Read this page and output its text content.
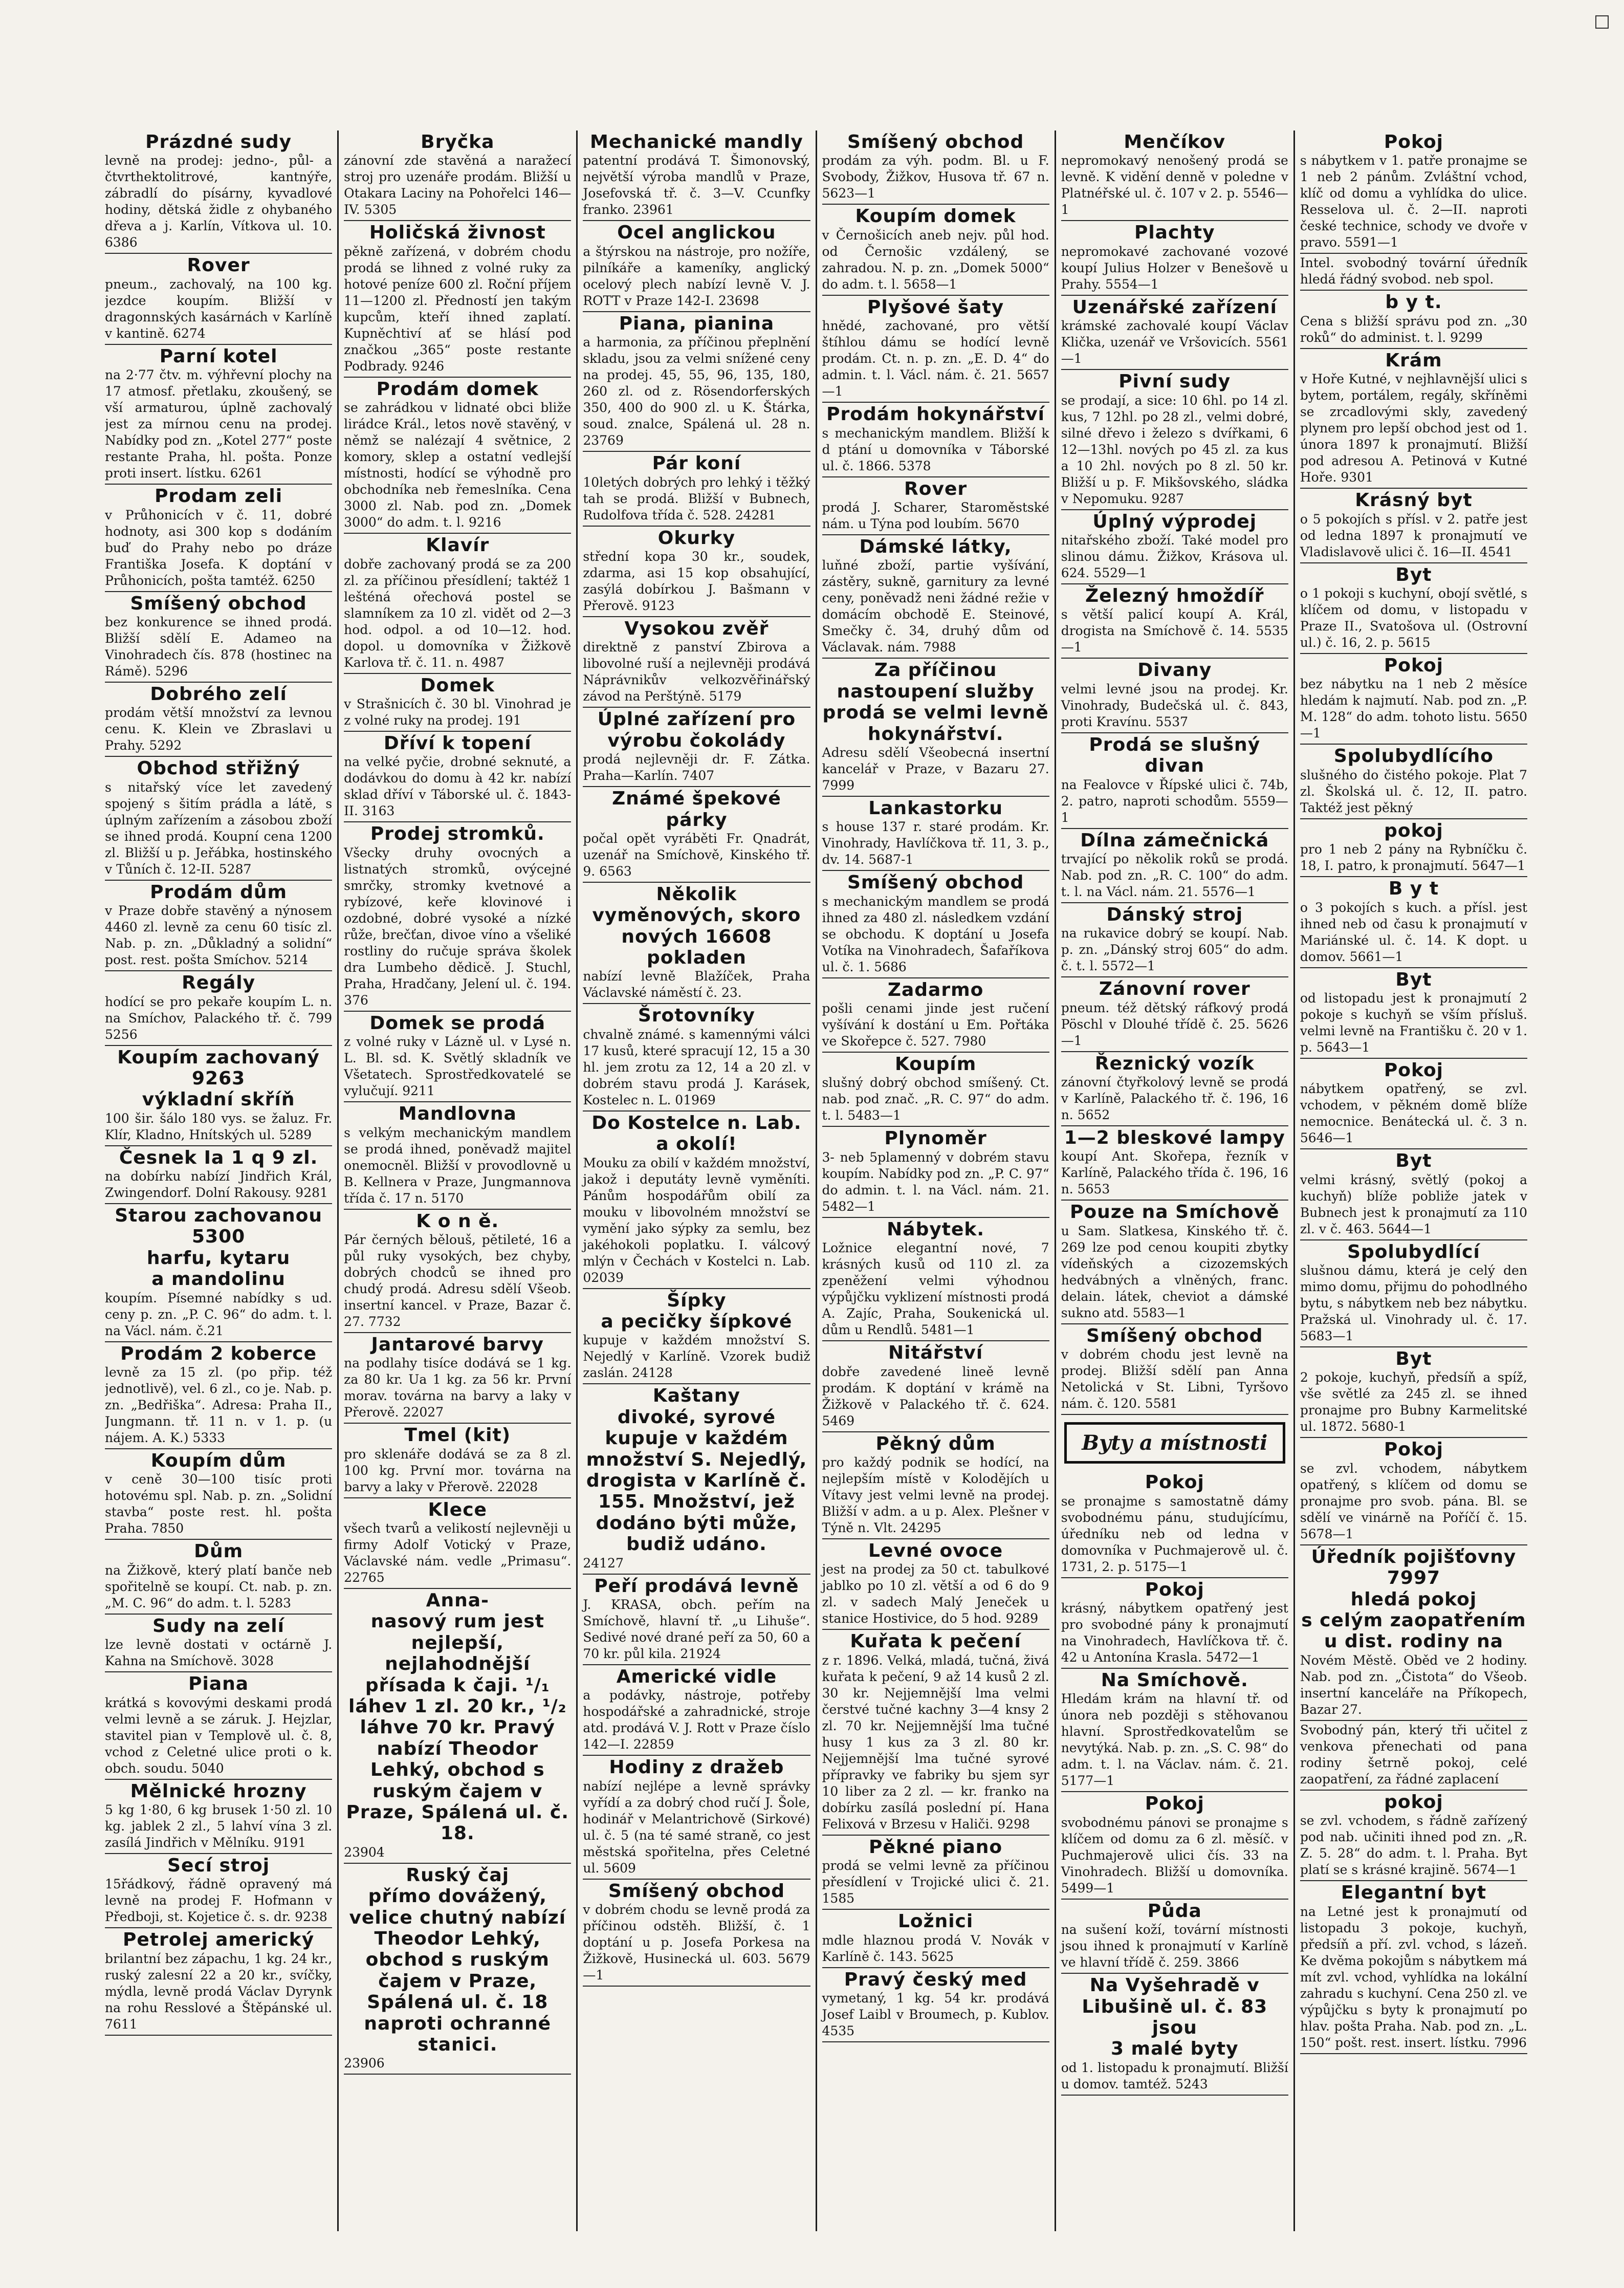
Prázdné sudy
levně na prodej: jedno-, půl- a čtvrthektolitrové, kantnýře, zábradlí do písárny, kyvadlové hodiny, dětská židle z ohybaného dřeva a j. Karlín, Vítkova ul. 10. 6386
Rover
pneum., zachovalý, na 100 kg. jezdce koupím. Bližší v dragonnských kasárnách v Karlíně v kantině. 6274
Parní kotel
na 2·77 čtv. m. výhřevní plochy na 17 atmosf. přetlaku, zkoušený, se vší armaturou, úplně zachovalý jest za mírnou cenu na prodej. Nabídky pod zn. „Kotel 277“ poste restante Praha, hl. pošta. Ponze proti insert. lístku. 6261
Prodam zeli
v Průhonicích v č. 11, dobré hodnoty, asi 300 kop s dodáním buď do Prahy nebo po dráze Františka Josefa. K doptání v Průhonicích, pošta tamtéž. 6250
Smíšený obchod
bez konkurence se ihned prodá. Bližší sdělí E. Adameo na Vinohradech čís. 878 (hostinec na Rámě). 5296
Dobrého zelí
prodám větší množství za levnou cenu. K. Klein ve Zbraslavi u Prahy. 5292
Obchod střižný
s nitařský více let zavedený spojený s šitím prádla a látě, s úplným zařízením a zásobou zboží se ihned prodá. Koupní cena 1200 zl. Bližší u p. Jeřábka, hostinského v Tůních č. 12-II. 5287
Prodám dům
v Praze dobře stavěný a nýnosem 4460 zl. levně za cenu 60 tisíc zl. Nab. p. zn. „Důkladný a solidní“ post. rest. pošta Smíchov. 5214
Regály
hodící se pro pekaře koupím L. n. na Smíchov, Palackého tř. č. 799 5256
Koupím zachovaný 9263
výkladní skříň
100 šir. šálo 180 vys. se žaluz. Fr. Klír, Kladno, Hnítských ul. 5289
Česnek Ia 1 q 9 zl.
na dobírku nabízí Jindřich Král, Zwingendorf. Dolní Rakousy. 9281
Starou zachovanou 5300
harfu, kytaru
a mandolinu
koupím. Písemné nabídky s ud. ceny p. zn. „P. C. 96“ do adm. t. l. na Václ. nám. č.21
Prodám 2 koberce
levně za 15 zl. (po přip. též jednotlivě), vel. 6 zl., co je. Nab. p. zn. „Bedřiška“. Adresa: Praha II., Jungmann. tř. 11 n. v 1. p. (u nájem. A. K.) 5333
Koupím dům
v ceně 30—100 tisíc proti hotovému spl. Nab. p. zn. „Solidní stavba“ poste rest. hl. pošta Praha. 7850
Dům
na Žižkově, který platí banče neb spořitelně se koupí. Ct. nab. p. zn. „M. C. 96“ do adm. t. l. 5283
Sudy na zelí
lze levně dostati v octárně J. Kahna na Smíchově. 3028
Piana
krátká s kovovými deskami prodá velmi levně a se záruk. J. Hejzlar, stavitel pian v Templově ul. č. 8, vchod z Celetné ulice proti o k. obch. soudu. 5040
Mělnické hrozny
5 kg 1·80, 6 kg brusek 1·50 zl. 10 kg. jablek 2 zl., 5 lahví vína 3 zl. zasílá Jindřich v Mělníku. 9191
Secí stroj
15řádkový, řádně opravený má levně na prodej F. Hofmann v Předboji, st. Kojetice č. s. dr. 9238
Petrolej americký
brilantní bez zápachu, 1 kg. 24 kr., ruský zalesní 22 a 20 kr., svíčky, mýdla, levně prodá Václav Dyrynk na rohu Resslové a Štěpánské ul. 7611
Bryčka
zánovní zde stavěná a naražecí stroj pro uzenáře prodám. Bližší u Otakara Laciny na Pohořelci 146—IV. 5305
Holičská živnost
pěkně zařízená, v dobrém chodu prodá se lihned z volné ruky za hotové peníze 600 zl. Roční příjem 11—1200 zl. Předností jen takým kupcům, kteří ihned zaplatí. Kupněchtiví ať se hlásí pod značkou „365“ poste restante Podbrady. 9246
Prodám domek
se zahrádkou v lidnaté obci bliže lirádce Král., letos nově stavěný, v němž se nalézají 4 světnice, 2 komory, sklep a ostatní vedlejší místnosti, hodící se výhodně pro obchodníka neb řemeslníka. Cena 3000 zl. Nab. pod zn. „Domek 3000“ do adm. t. l. 9216
Klavír
dobře zachovaný prodá se za 200 zl. za příčinou přesídlení; taktéž 1 lešténá ořechová postel se slamníkem za 10 zl. vidět od 2—3 hod. odpol. a od 10—12. hod. dopol. u domovníka v Žižkově Karlova tř. č. 11. n. 4987
Domek
v Strašnicích č. 30 bl. Vinohrad je z volné ruky na prodej. 191
Dříví k topení
na velké pyčie, drobné seknuté, a dodávkou do domu à 42 kr. nabízí sklad dříví v Táborské ul. č. 1843-II. 3163
Prodej stromků.
Všecky druhy ovocných a listnatých stromků, ovýcejné smrčky, stromky kvetnové a rybízové, keře klovinové i ozdobné, dobré vysoké a nízké růže, brečťan, divoe víno a všeliké rostliny do ručuje správa školek dra Lumbeho dědicě. J. Stuchl, Praha, Hradčany, Jelení ul. č. 194. 376
Domek se prodá
z volné ruky v Lázně ul. v Lysé n. L. Bl. sd. K. Světlý skladník ve Všetatech. Sprostředkovatelé se vylučují. 9211
Mandlovna
s velkým mechanickým mandlem se prodá ihned, poněvadž majitel onemocněl. Bližší v provodlovně u B. Kellnera v Praze, Jungmannova třída č. 17 n. 5170
K o n ě.
Pár černých bělouš, pětileté, 16 a půl ruky vysokých, bez chyby, dobrých chodců se ihned pro chudý prodá. Adresu sdělí Všeob. insertní kancel. v Praze, Bazar č. 27. 7732
Jantarové barvy
na podlahy tisíce dodává se 1 kg. za 80 kr. Ua 1 kg. za 56 kr. První morav. továrna na barvy a laky v Přerově. 22027
Tmel (kit)
pro sklenáře dodává se za 8 zl. 100 kg. První mor. továrna na barvy a laky v Přerově. 22028
Klece
všech tvarů a velikostí nejlevněji u firmy Adolf Votický v Praze, Václavské nám. vedle „Primasu“. 22765
Anna-
nasový rum jest nejlepší, nejlahodnější přísada k čaji. ¹/₁ láhev 1 zl. 20 kr., ¹/₂ láhve 70 kr. Pravý nabízí Theodor Lehký, obchod s ruským čajem v Praze, Spálená ul. č. 18.
23904
Ruský čaj
přímo dovážený, velice chutný nabízí Theodor Lehký, obchod s ruským čajem v Praze, Spálená ul. č. 18 naproti ochranné stanici.
23906
Mechanické mandly
patentní prodává T. Šimonovský, největší výroba mandlů v Praze, Josefovská tř. č. 3—V. Ccunfky franko. 23961
Ocel anglickou
a štýrskou na nástroje, pro nožíře, pilníkáře a kameníky, anglický ocelový plech nabízí levně V. J. ROTT v Praze 142-I. 23698
Piana, pianina
a harmonia, za příčinou přeplnění skladu, jsou za velmi snížené ceny na prodej. 45, 55, 96, 135, 180, 260 zl. od z. Rösendorferských 350, 400 do 900 zl. u K. Štárka, soud. znalce, Spálená ul. 28 n. 23769
Pár koní
10letých dobrých pro lehký i těžký tah se prodá. Bližší v Bubnech, Rudolfova třída č. 528. 24281
Okurky
střední kopa 30 kr., soudek, zdarma, asi 15 kop obsahující, zasýlá dobírkou J. Bašmann v Přerově. 9123
Vysokou zvěř
direktně z panství Zbirova a libovolné ruší a nejlevněji prodává Náprávnikův velkozvěřinářský závod na Perštýně. 5179
Úplné zařízení pro
výrobu čokolády
prodá nejlevněji dr. F. Zátka. Praha—Karlín. 7407
Známé špekové
párky
počal opět vyráběti Fr. Qnadrát, uzenář na Smíchově, Kinského tř. 9. 6563
Několik vyměnových, skoro nových 16608
pokladen
nabízí levně Blažíček, Praha Václavské náměstí č. 23.
Šrotovníky
chvalně známé. s kamennými válci 17 kusů, které spracují 12, 15 a 30 hl. jem zrotu za 12, 14 a 20 zl. v dobrém stavu prodá J. Karásek, Kostelec n. L. 01969
Do Kostelce n. Lab.
a okolí!
Mouku za obilí v každém množství, jakož i deputáty levně vyměníti. Pánům hospodářům obilí za mouku v libovolném množství se vymění jako sýpky za semlu, bez jakéhokoli poplatku. I. válcový mlýn v Čechách v Kostelci n. Lab. 02039
Šípky
a pecičky šípkové
kupuje v každém množství S. Nejedlý v Karlíně. Vzorek budiž zaslán. 24128
Kaštany
divoké, syrové kupuje v každém množství S. Nejedlý, drogista v Karlíně č. 155. Množství, jež dodáno býti může, budiž udáno.
24127
Peří prodává levně
J. KRASA, obch. peřím na Smíchově, hlavní tř. „u Lihuše“. Sedivé nové drané peří za 50, 60 a 70 kr. půl kila. 21924
Americké vidle
a podávky, nástroje, potřeby hospodářské a zahradnické, stroje atd. prodává V. J. Rott v Praze číslo 142—I. 22859
Hodiny z dražeb
nabízí nejlépe a levně správky vyřídí a za dobrý chod ručí J. Šole, hodinář v Melantrichově (Sirkové) ul. č. 5 (na té samé straně, co jest městská spořitelna, přes Celetné ul. 5609
Smíšený obchod
v dobrém chodu se levně prodá za příčinou odstěh. Bližší, č. 1 doptání u p. Josefa Porkesa na Žižkově, Husinecká ul. 603. 5679—1
Smíšený obchod
prodám za výh. podm. Bl. u F. Svobody, Žižkov, Husova tř. 67 n. 5623—1
Koupím domek
v Černošicích aneb nejv. půl hod. od Černošic vzdálený, se zahradou. N. p. zn. „Domek 5000“ do adm. t. l. 5658—1
Plyšové šaty
hnědé, zachované, pro větší štíhlou dámu se hodící levně prodám. Ct. n. p. zn. „E. D. 4“ do admin. t. l. Václ. nám. č. 21. 5657—1
Prodám hokynářství
s mechanickým mandlem. Bližší k d ptání u domovníka v Táborské ul. č. 1866. 5378
Rover
prodá J. Scharer, Staroměstské nám. u Týna pod loubím. 5670
Dámské látky,
luňné zboží, partie vyšívání, zástěry, sukně, garnitury za levné ceny, poněvadž neni žádné režie v domácím obchodě E. Steinové, Smečky č. 34, druhý dům od Václavak. nám. 7988
Za příčinou nastoupení služby prodá se velmi levně
hokynářství.
Adresu sdělí Všeobecná insertní kancelář v Praze, v Bazaru 27. 7999
Lankastorku
s house 137 r. staré prodám. Kr. Vinohrady, Havlíčkova tř. 11, 3. p., dv. 14. 5687-1
Smíšený obchod
s mechanickým mandlem se prodá ihned za 480 zl. následkem vzdání se obchodu. K doptání u Josefa Votíka na Vinohradech, Šafaříkova ul. č. 1. 5686
Zadarmo
pošli cenami jinde jest ručení vyšívání k dostání u Em. Pořtáka ve Skořepce č. 527. 7980
Koupím
slušný dobrý obchod smíšený. Ct. nab. pod znač. „R. C. 97“ do adm. t. l. 5483—1
Plynoměr
3- neb 5plamenný v dobrém stavu koupím. Nabídky pod zn. „P. C. 97“ do admin. t. l. na Václ. nám. 21. 5482—1
Nábytek.
Ložnice elegantní nové, 7 krásných kusů od 110 zl. za zpeněžení velmi výhodnou výpůjčku vyklizení místnosti prodá A. Zajíc, Praha, Soukenická ul. dům u Rendlů. 5481—1
Nitářství
dobře zavedené lineě levně prodám. K doptání v krámě na Žižkově v Palackého tř. č. 624. 5469
Pěkný dům
pro každý podnik se hodící, na nejlepším místě v Kolodějích u Vítavy jest velmi levně na prodej. Bližší v adm. a u p. Alex. Plešner v Týně n. Vlt. 24295
Levné ovoce
jest na prodej za 50 ct. tabulkové jablko po 10 zl. větší a od 6 do 9 zl. v sadech Malý Jeneček u stanice Hostivice, do 5 hod. 9289
Kuřata k pečení
z r. 1896. Velká, mladá, tučná, živá kuřata k pečení, 9 až 14 kusů 2 zl. 30 kr. Nejjemnější lma velmi čerstvé tučné kachny 3—4 knsy 2 zl. 70 kr. Nejjemnější lma tučné husy 1 kus za 3 zl. 80 kr. Nejjemnější lma tučné syrové přípravky ve fabriky bu sjem syr 10 liber za 2 zl. — kr. franko na dobírku zasílá poslední pí. Hana Felixová v Brzesu v Haliči. 9298
Pěkné piano
prodá se velmi levně za příčinou přesídlení v Trojické ulici č. 21. 1585
Ložnici
mdle hlaznou prodá V. Novák v Karlíně č. 143. 5625
Pravý český med
vymetaný, 1 kg. 54 kr. prodává Josef Laibl v Broumech, p. Kublov. 4535
Menčíkov
nepromokavý nenošený prodá se levně. K vidění denně v poledne v Platnéřské ul. č. 107 v 2. p. 5546—1
Plachty
nepromokavé zachované vozové koupí Julius Holzer v Benešově u Prahy. 5554—1
Uzenářské zařízení
krámské zachovalé koupí Václav Klička, uzenář ve Vršovicích. 5561—1
Pivní sudy
se prodají, a sice: 10 6hl. po 14 zl. kus, 7 12hl. po 28 zl., velmi dobré, silné dřevo i železo s dvířkami, 6 12—13hl. nových po 45 zl. za kus a 10 2hl. nových po 8 zl. 50 kr. Bližší u p. F. Mikšovského, sládka v Nepomuku. 9287
Úplný výprodej
nitařského zboží. Také model pro slinou dámu. Žižkov, Krásova ul. 624. 5529—1
Železný hmoždíř
s větší palicí koupí A. Král, drogista na Smíchově č. 14. 5535—1
Divany
velmi levné jsou na prodej. Kr. Vinohrady, Budečská ul. č. 843, proti Kravínu. 5537
Prodá se slušný
divan
na Fealovce v Řípské ulici č. 74b, 2. patro, naproti schodům. 5559—1
Dílna zámečnická
trvající po několik roků se prodá. Nab. pod zn. „R. C. 100“ do adm. t. l. na Václ. nám. 21. 5576—1
Dánský stroj
na rukavice dobrý se koupí. Nab. p. zn. „Dánský stroj 605“ do adm. č. t. l. 5572—1
Zánovní rover
pneum. též dětský ráfkový prodá Pöschl v Dlouhé třídě č. 25. 5626—1
Řeznický vozík
zánovní čtyřkolový levně se prodá v Karlíně, Palackého tř. č. 196, 16 n. 5652
1—2 bleskové lampy
koupí Ant. Skořepa, řezník v Karlíně, Palackého třída č. 196, 16 n. 5653
Pouze na Smíchově
u Sam. Slatkesa, Kinského tř. č. 269 lze pod cenou koupiti zbytky vídeňských a cizozemských hedvábných a vlněných, franc. delain. látek, cheviot a dámské sukno atd. 5583—1
Smíšený obchod
v dobrém chodu jest levně na prodej. Bližší sdělí pan Anna Netolická v St. Libni, Tyršovo nám. č. 120. 5581
Byty a místnosti
Pokoj
se pronajme s samostatně dámy svobodnému pánu, studujícímu, úředníku neb od ledna v domovníka v Puchmajerově ul. č. 1731, 2. p. 5175—1
Pokoj
krásný, nábytkem opatřený jest pro svobodné pány k pronajmutí na Vinohradech, Havlíčkova tř. č. 42 u Antonína Krasla. 5472—1
Na Smíchově.
Hledám krám na hlavní tř. od února neb později s stěhovanou hlavní. Sprostředkovatelům se nevytýká. Nab. p. zn. „S. C. 98“ do adm. t. l. na Václav. nám. č. 21. 5177—1
Pokoj
svobodnému pánovi se pronajme s klíčem od domu za 6 zl. měsíč. v Puchmajerově ulici čís. 33 na Vinohradech. Bližší u domovníka. 5499—1
Půda
na sušení koží, tovární místnosti jsou ihned k pronajmutí v Karlíně ve hlavní třídě č. 259. 3866
Na Vyšehradě v Libušině ul. č. 83 jsou
3 malé byty
od 1. listopadu k pronajmutí. Bližší u domov. tamtéž. 5243
Pokoj
s nábytkem v 1. patře pronajme se 1 neb 2 pánům. Zvláštní vchod, klíč od domu a vyhlídka do ulice. Resselova ul. č. 2—II. naproti české technice, schody ve dvoře v pravo. 5591—1
Intel. svobodný tovární úředník hledá řádný svobod. neb spol.
b y t.
Cena s bližší správu pod zn. „30 roků“ do administ. t. l. 9299
Krám
v Hoře Kutné, v nejhlavnější ulici s bytem, portálem, regály, skříněmi se zrcadlovými skly, zavedený plynem pro lepší obchod jest od 1. února 1897 k pronajmutí. Bližší pod adresou A. Petinová v Kutné Hoře. 9301
Krásný byt
o 5 pokojích s přísl. v 2. patře jest od ledna 1897 k pronajmutí ve Vladislavově ulici č. 16—II. 4541
Byt
o 1 pokoji s kuchyní, obojí světlé, s klíčem od domu, v listopadu v Praze II., Svatošova ul. (Ostrovní ul.) č. 16, 2. p. 5615
Pokoj
bez nábytku na 1 neb 2 měsíce hledám k najmutí. Nab. pod zn. „P. M. 128“ do adm. tohoto listu. 5650—1
Spolubydlícího
slušného do čistého pokoje. Plat 7 zl. Školská ul. č. 12, II. patro. Taktéž jest pěkný
pokoj
pro 1 neb 2 pány na Rybníčku č. 18, I. patro, k pronajmutí. 5647—1
B y t
o 3 pokojích s kuch. a přísl. jest ihned neb od času k pronajmutí v Mariánské ul. č. 14. K dopt. u domov. 5661—1
Byt
od listopadu jest k pronajmutí 2 pokoje s kuchyň se vším přísluš. velmi levně na Františku č. 20 v 1. p. 5643—1
Pokoj
nábytkem opatřený, se zvl. vchodem, v pěkném domě blíže nemocnice. Benátecká ul. č. 3 n. 5646—1
Byt
velmi krásný, světlý (pokoj a kuchyň) blíže pobliže jatek v Bubnech jest k pronajmutí za 110 zl. v č. 463. 5644—1
Spolubydlící
slušnou dámu, která je celý den mimo domu, přijmu do pohodlného bytu, s nábytkem neb bez nábytku. Pražská ul. Vinohrady ul. č. 17. 5683—1
Byt
2 pokoje, kuchyň, předsíň a spíž, vše světlé za 245 zl. se ihned pronajme pro Bubny Karmelitské ul. 1872. 5680-1
Pokoj
se zvl. vchodem, nábytkem opatřený, s klíčem od domu se pronajme pro svob. pána. Bl. se sdělí ve vinárně na Poříčí č. 15. 5678—1
Úředník pojišťovny 7997
hledá pokoj
s celým zaopatřením
u dist. rodiny na
Novém Městě. Oběd ve 2 hodiny. Nab. pod zn. „Čistota“ do Všeob. insertní kanceláře na Příkopech, Bazar 27.
Svobodný pán, který tři učitel z venkova přenechati od pana rodiny šetrně pokoj, celé zaopatření, za řádné zaplacení
pokoj
se zvl. vchodem, s řádně zařízený pod nab. učiniti ihned pod zn. „R. Z. 5. 28“ do adm. t. l. Praha. Byt platí se s krásné krajině. 5674—1
Elegantní byt
na Letné jest k pronajmutí od listopadu 3 pokoje, kuchyň, předsíň a pří. zvl. vchod, s lázeň. Ke dvěma pokojům s nábytkem má mít zvl. vchod, vyhlídka na lokální zahradu s kuchyní. Cena 250 zl. ve výpůjčku s byty k pronajmutí po hlav. pošta Praha. Nab. pod zn. „L. 150“ pošt. rest. insert. lístku. 7996
